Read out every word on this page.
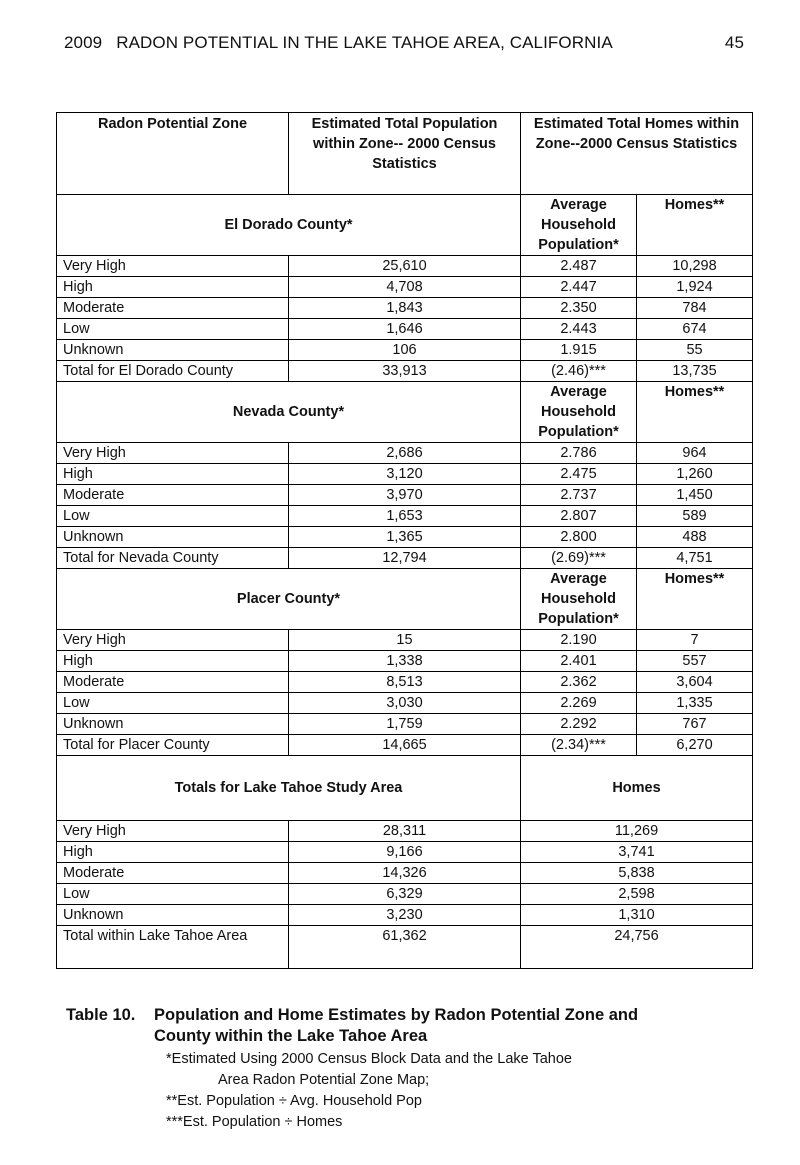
2009 RADON POTENTIAL IN THE LAKE TAHOE AREA, CALIFORNIA	45
Radon Potential Zone	Estimated Total Population within Zone-- 2000 Census Statistics	Estimated Total Homes within Zone--2000 Census Statistics	
El Dorado County*		Average Household Population*	Homes**
Very High	25,610	2.487	10,298
High	4,708	2.447	1,924
Moderate	1,843	2.350	784
Low	1,646	2.443	674
Unknown	106	1.915	55
Total for El Dorado County	33,913	(2.46)***	13,735
Nevada County*		Average Household Population*	Homes**
Very High	2,686	2.786	964
High	3,120	2.475	1,260
Moderate	3,970	2.737	1,450
Low	1,653	2.807	589
Unknown	1,365	2.800	488
Total for Nevada County	12,794	(2.69)***	4,751
Placer County*		Average Household Population*	Homes**
Very High	15	2.190	7
High	1,338	2.401	557
Moderate	8,513	2.362	3,604
Low	3,030	2.269	1,335
Unknown	1,759	2.292	767
Total for Placer County	14,665	(2.34)***	6,270
Totals for Lake Tahoe Study Area		Homes	
Very High	28,311	11,269	
High	9,166	3,741	
Moderate	14,326	5,838	
Low	6,329	2,598	
Unknown	3,230	1,310	
Total within Lake Tahoe Area	61,362	24,756	
Table 10. Population and Home Estimates by Radon Potential Zone and
County within the Lake Tahoe Area
*Estimated Using 2000 Census Block Data and the Lake Tahoe
Area Radon Potential Zone Map;
**Est. Population ÷ Avg. Household Pop
***Est. Population ÷ Homes
